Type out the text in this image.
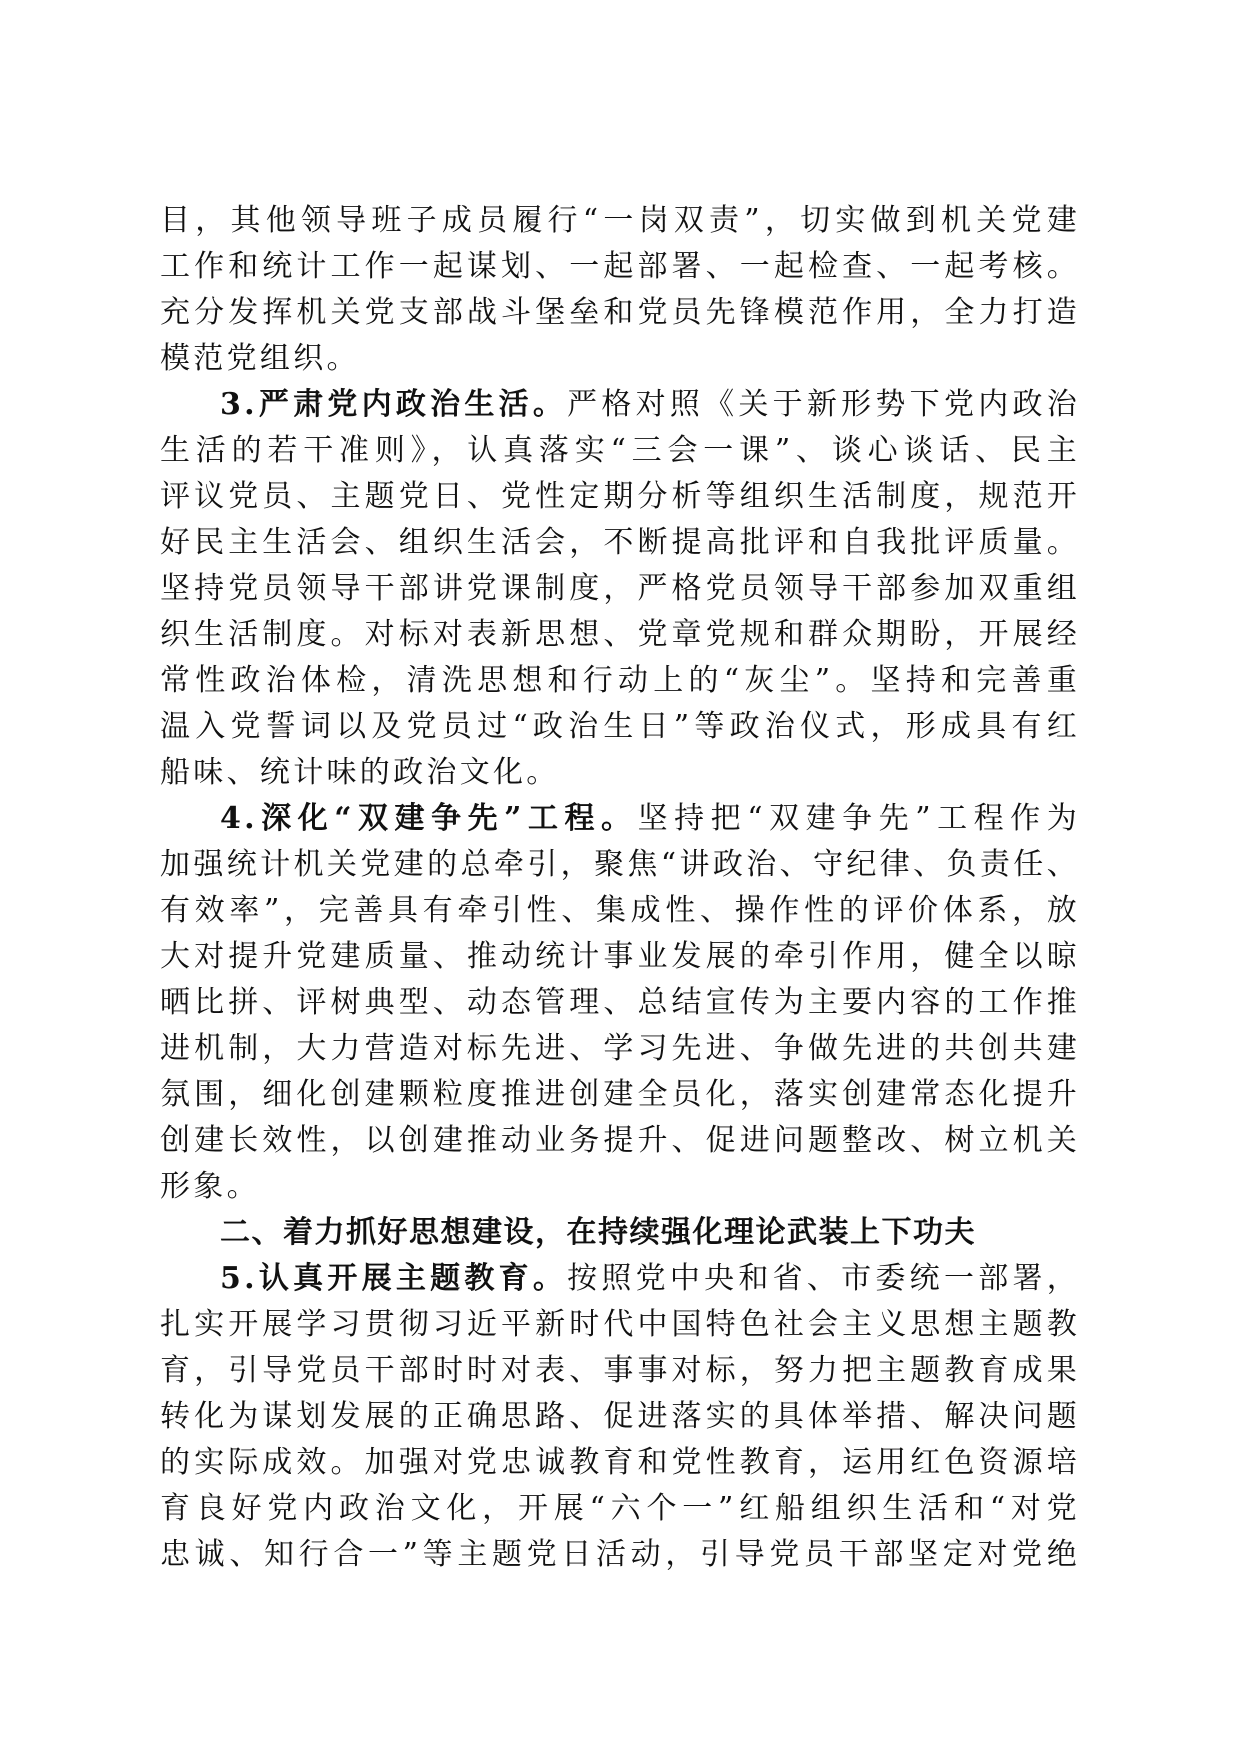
目，其他领导班子成员履行“一岗双责”，切实做到机关党建
工作和统计工作一起谋划、一起部署、一起检查、一起考核。
充分发挥机关党支部战斗堡垒和党员先锋模范作用，全力打造
模范党组织。
3.严肃党内政治生活。严格对照《关于新形势下党内政治
生活的若干准则》，认真落实“三会一课”、谈心谈话、民主
评议党员、主题党日、党性定期分析等组织生活制度，规范开
好民主生活会、组织生活会，不断提高批评和自我批评质量。
坚持党员领导干部讲党课制度，严格党员领导干部参加双重组
织生活制度。对标对表新思想、党章党规和群众期盼，开展经
常性政治体检，清洗思想和行动上的“灰尘”。坚持和完善重
温入党誓词以及党员过“政治生日”等政治仪式，形成具有红
船味、统计味的政治文化。
4.深化“双建争先”工程。坚持把“双建争先”工程作为
加强统计机关党建的总牵引，聚焦“讲政治、守纪律、负责任、
有效率”，完善具有牵引性、集成性、操作性的评价体系，放
大对提升党建质量、推动统计事业发展的牵引作用，健全以晾
晒比拼、评树典型、动态管理、总结宣传为主要内容的工作推
进机制，大力营造对标先进、学习先进、争做先进的共创共建
氛围，细化创建颗粒度推进创建全员化，落实创建常态化提升
创建长效性，以创建推动业务提升、促进问题整改、树立机关
形象。
二、着力抓好思想建设，在持续强化理论武装上下功夫
5.认真开展主题教育。按照党中央和省、市委统一部署，
扎实开展学习贯彻习近平新时代中国特色社会主义思想主题教
育，引导党员干部时时对表、事事对标，努力把主题教育成果
转化为谋划发展的正确思路、促进落实的具体举措、解决问题
的实际成效。加强对党忠诚教育和党性教育，运用红色资源培
育良好党内政治文化，开展“六个一”红船组织生活和“对党
忠诚、知行合一”等主题党日活动，引导党员干部坚定对党绝
